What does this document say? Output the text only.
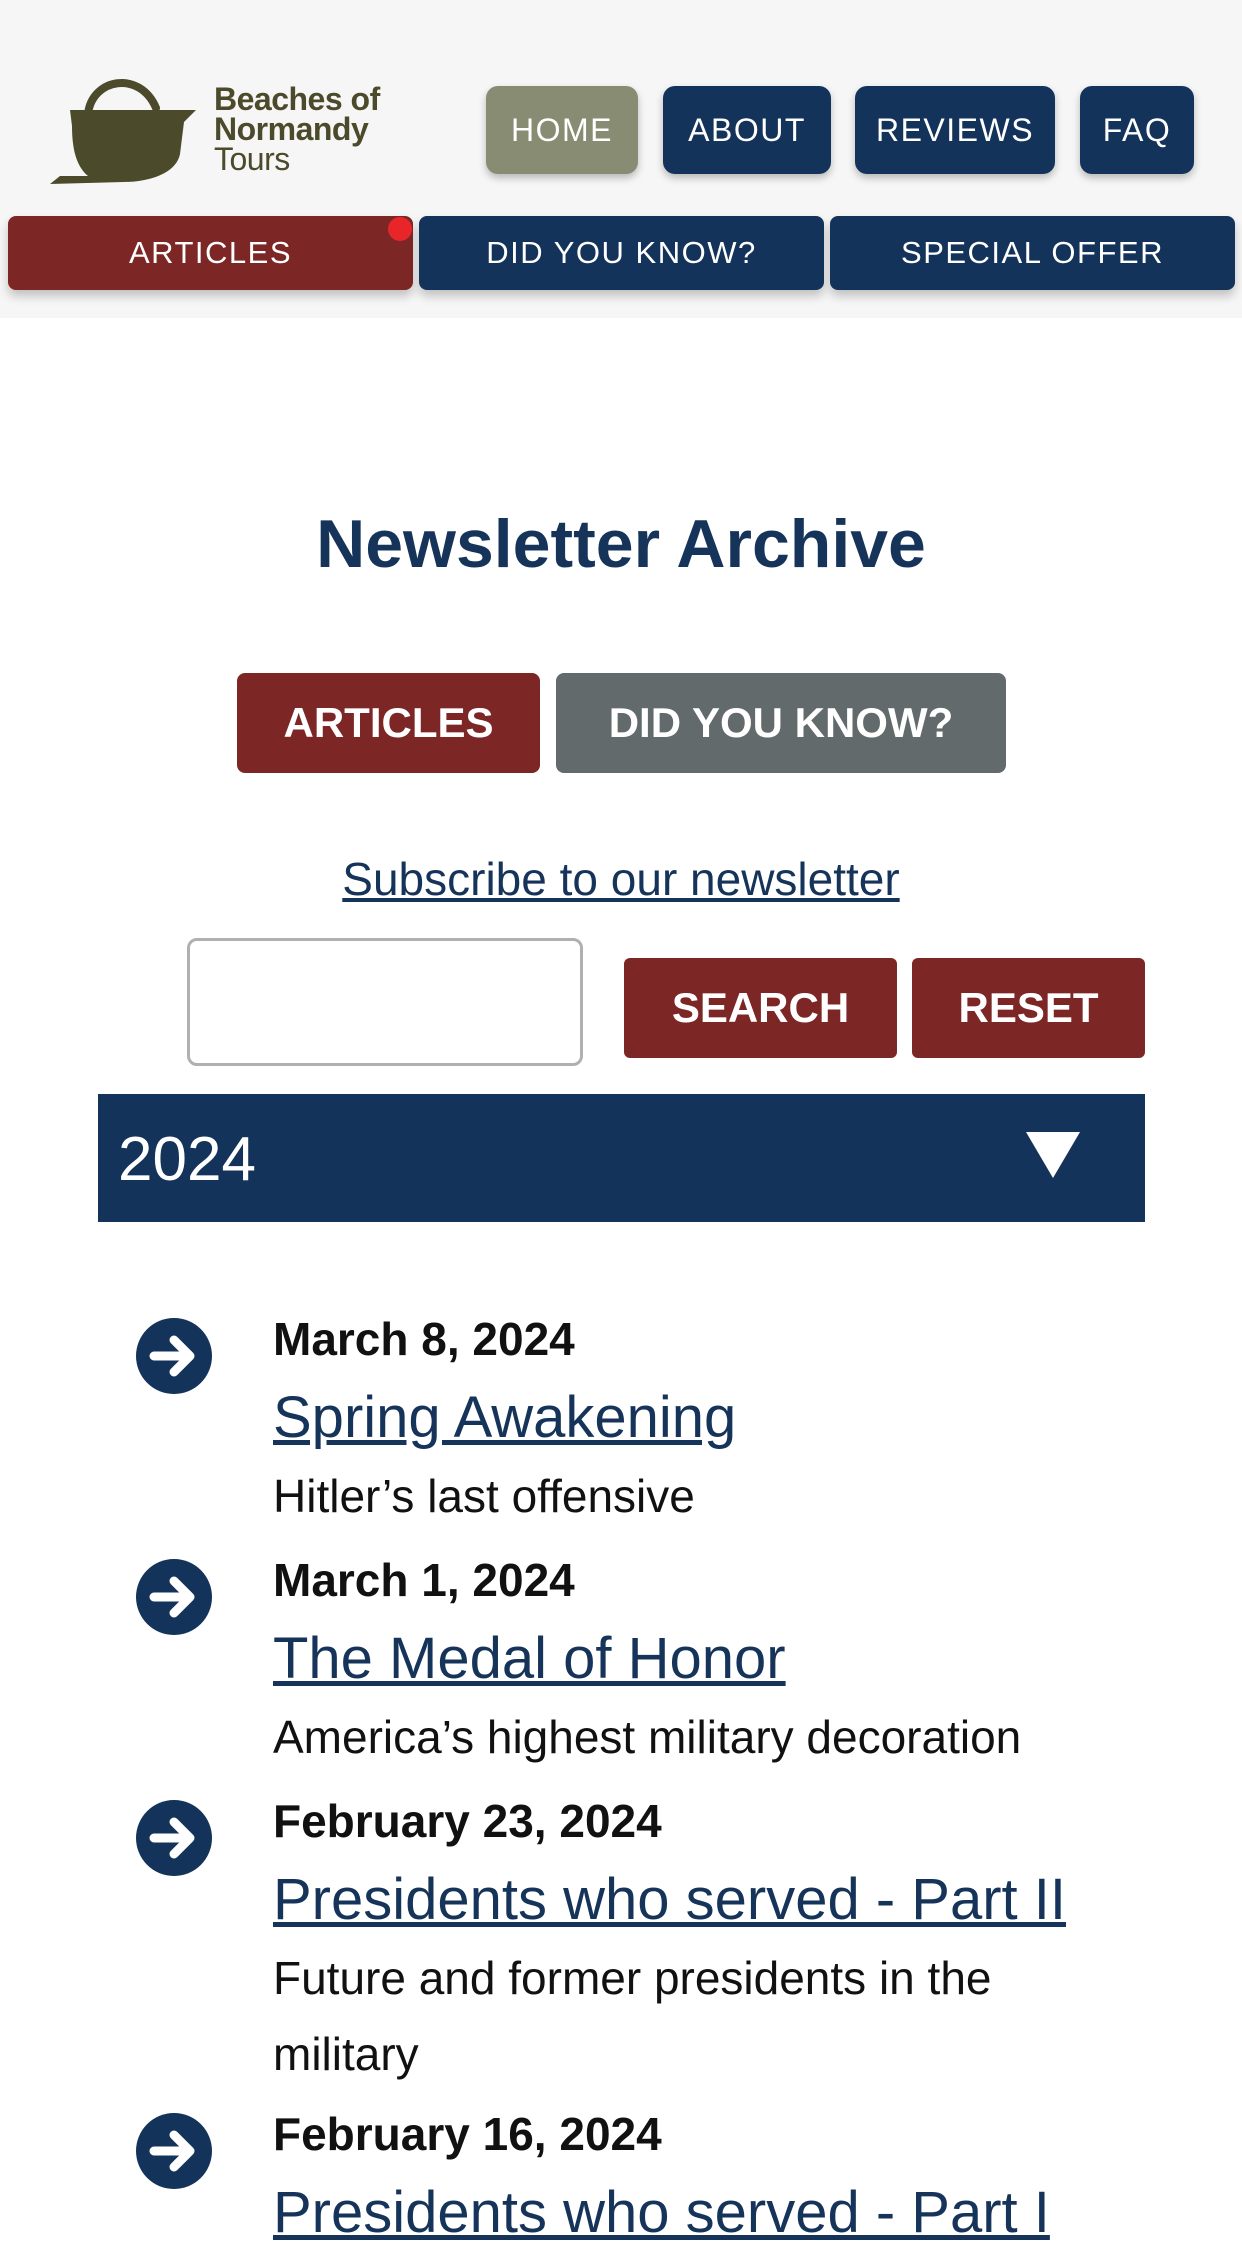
Beaches of
Normandy
Tours
HOME	ABOUT	REVIEWS	FAQ
ARTICLES	DID YOU KNOW?	SPECIAL OFFER
Newsletter Archive
ARTICLES	DID YOU KNOW?
Subscribe to our newsletter
SEARCH	RESET
2024
March 8, 2024
Spring Awakening
Hitler’s last offensive
March 1, 2024
The Medal of Honor
America’s highest military decoration
February 23, 2024
Presidents who served - Part II
Future and former presidents in the military
February 16, 2024
Presidents who served - Part I
